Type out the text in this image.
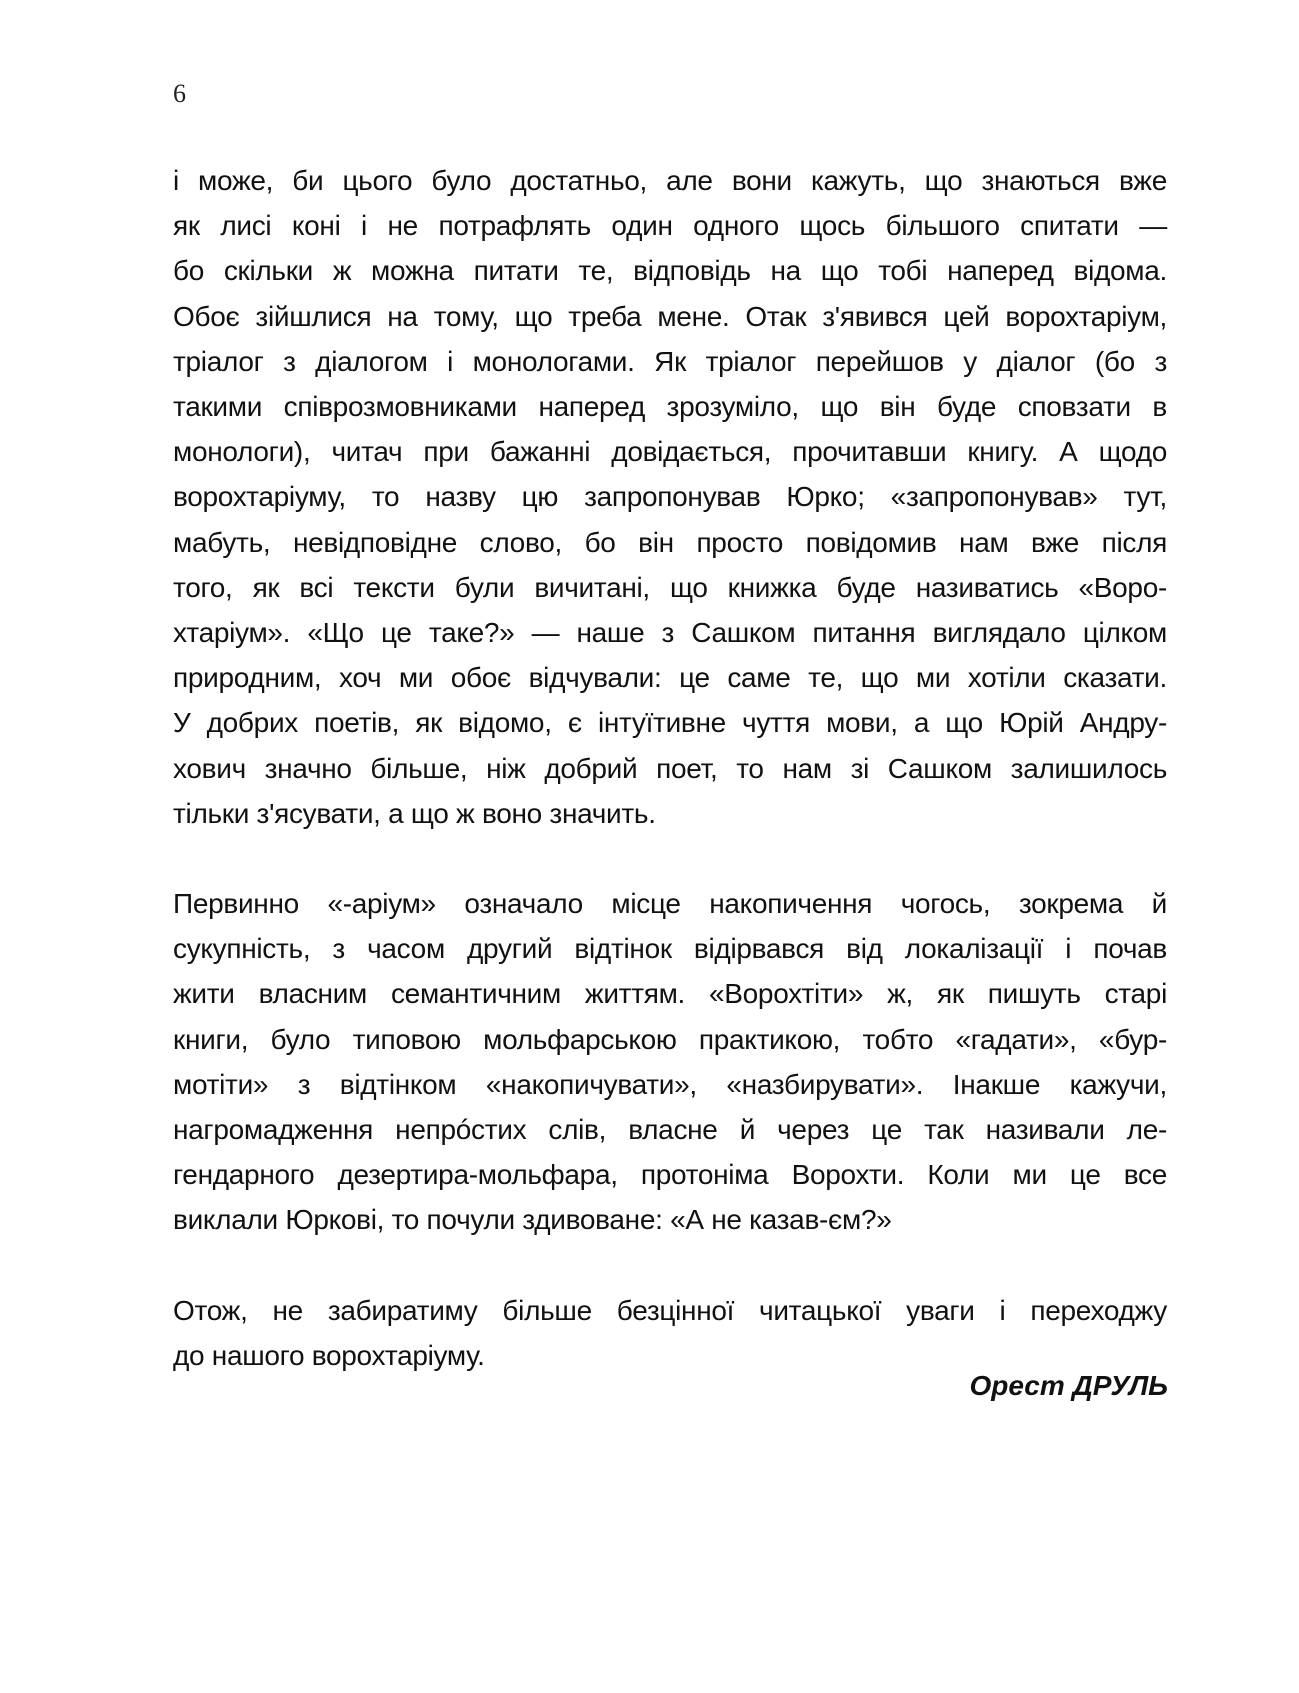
6

і може, би цього було достатньо, але вони кажуть, що знаються вже
як лисі коні і не потрафлять один одного щось більшого спитати —
бо скільки ж можна питати те, відповідь на що тобі наперед відома.
Обоє зійшлися на тому, що треба мене. Отак з'явився цей ворохтаріум,
тріалог з діалогом і монологами. Як тріалог перейшов у діалог (бо з
такими співрозмовниками наперед зрозуміло, що він буде сповзати в
монологи), читач при бажанні довідається, прочитавши книгу. А щодо
ворохтаріуму, то назву цю запропонував Юрко; «запропонував» тут,
мабуть, невідповідне слово, бо він просто повідомив нам вже після
того, як всі тексти були вичитані, що книжка буде називатись «Воро-
хтаріум». «Що це таке?» — наше з Сашком питання виглядало цілком
природним, хоч ми обоє відчували: це саме те, що ми хотіли сказати.
У добрих поетів, як відомо, є інтуїтивне чуття мови, а що Юрій Андру-
хович значно більше, ніж добрий поет, то нам зі Сашком залишилось
тільки з'ясувати, а що ж воно значить.

Первинно «-аріум» означало місце накопичення чогось, зокрема й
сукупність, з часом другий відтінок відірвався від локалізації і почав
жити власним семантичним життям. «Ворохтіти» ж, як пишуть старі
книги, було типовою мольфарською практикою, тобто «гадати», «бур-
мотіти» з відтінком «накопичувати», «назбирувати». Інакше кажучи,
нагромадження непрóстих слів, власне й через це так називали ле-
гендарного дезертира-мольфара, протоніма Ворохти. Коли ми це все
виклали Юркові, то почули здивоване: «А не казав-єм?»

Отож, не забиратиму більше безцінної читацької уваги і переходжу
до нашого ворохтаріуму.

Орест ДРУЛЬ
